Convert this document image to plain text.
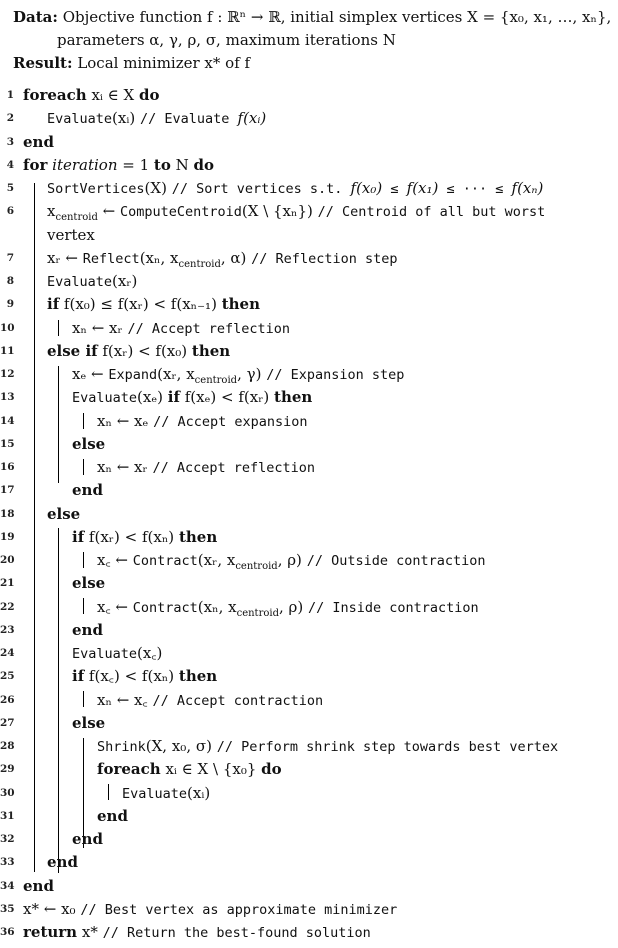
Data: Objective function f : ℝⁿ → ℝ, initial simplex vertices X = {x₀, x₁, …, xₙ},
parameters α, γ, ρ, σ, maximum iterations N
Result: Local minimizer x* of f
1 foreach xᵢ ∈ X do
2 Evaluate(xᵢ) // Evaluate f(xᵢ)
3 end
4 for iteration = 1 to N do
5 SortVertices(X) // Sort vertices s.t. f(x₀) ≤ f(x₁) ≤ ··· ≤ f(xₙ)
6 $x_{centroid}$ ← ComputeCentroid(X \ {xₙ}) // Centroid of all but worst
vertex
7 xᵣ ← Reflect(xₙ, $x_{centroid}$, α) // Reflection step
8 Evaluate(xᵣ)
9 if f(x₀) ≤ f(xᵣ) < f(xₙ₋₁) then
10	xₙ ← xᵣ // Accept reflection
11 else if f(xᵣ) < f(x₀) then
12	xₑ ← Expand(xᵣ, $x_{centroid}$, γ) // Expansion step
13	Evaluate(xₑ) if f(xₑ) < f(xᵣ) then
14	xₙ ← xₑ // Accept expansion
15	else
16	xₙ ← xᵣ // Accept reflection
17	end
18 else
19	if f(xᵣ) < f(xₙ) then
20	x꜀ ← Contract(xᵣ, $x_{centroid}$, ρ) // Outside contraction
21	else
22	x꜀ ← Contract(xₙ, $x_{centroid}$, ρ) // Inside contraction
23	end
24	Evaluate(x꜀)
25	if f(x꜀) < f(xₙ) then
26	xₙ ← x꜀ // Accept contraction
27	else
28	Shrink(X, x₀, σ) // Perform shrink step towards best vertex
29	foreach xᵢ ∈ X \ {x₀} do
30	Evaluate(xᵢ)
31	end
32	end
33 end
34 end
35 x* ← x₀ // Best vertex as approximate minimizer
36 return x* // Return the best-found solution
